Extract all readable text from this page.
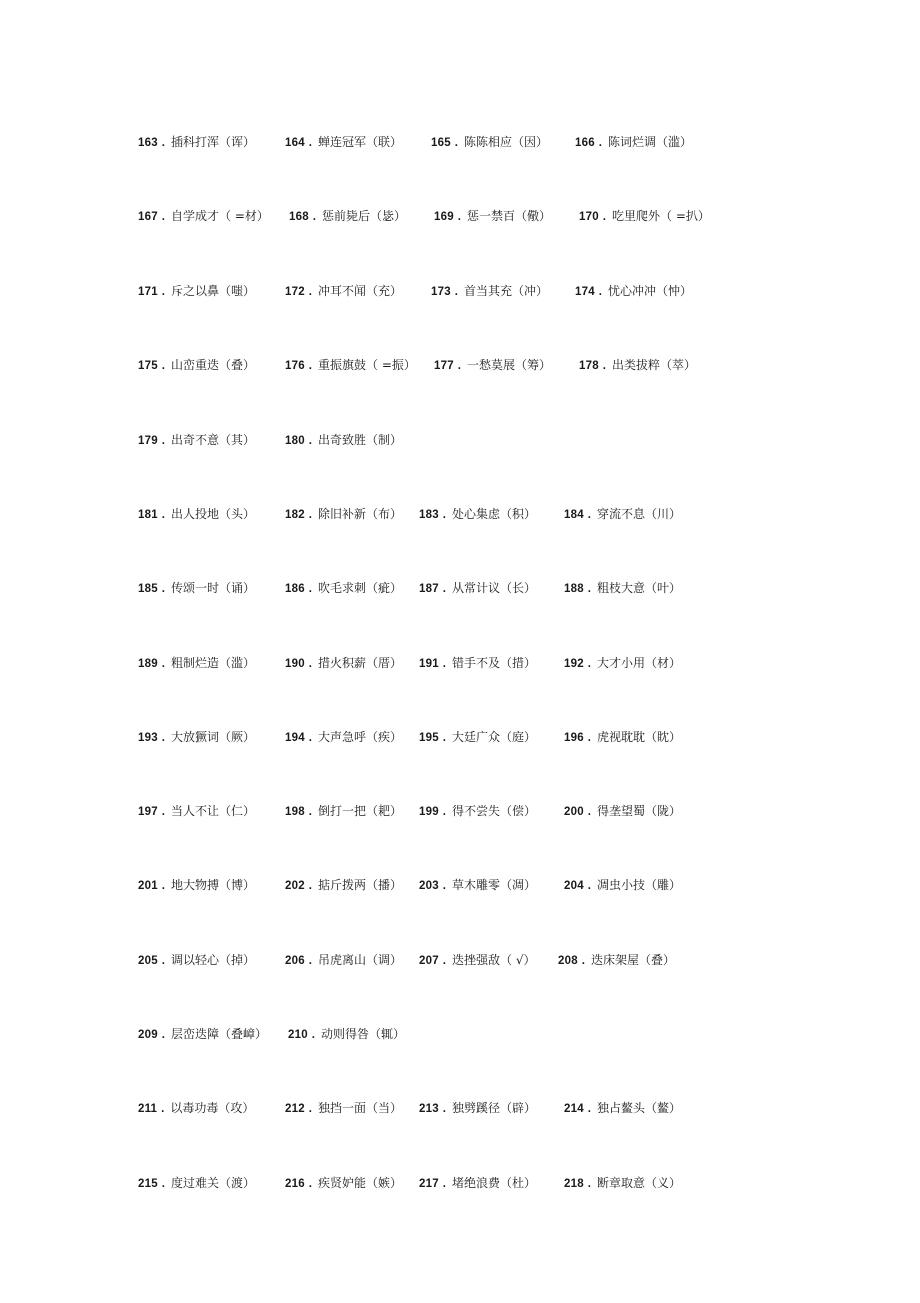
163 . 插科打浑（诨）	164 . 蝉连冠军（联）	165 . 陈陈相应（因） 166 . 陈词烂调（滥）
167 . 自学成才（ =材） 168 . 惩前毙后（毖） 169 . 惩一禁百（儆） 170 . 吃里爬外（ =扒）
171 . 斥之以鼻（嗤）	172 . 冲耳不闻（充）	173 . 首当其充（冲） 174 . 忧心冲冲（忡）
175 . 山峦重迭（叠）	176 . 重振旗鼓（ =振） 177 . 一愁莫展（筹） 178 . 出类拔粹（萃）
179 . 出奇不意（其）	180 . 出奇致胜（制）
181 . 出人投地（头）	182 . 除旧补新（布） 183 . 处心集虑（积） 184 . 穿流不息（川）
185 . 传颂一时（诵）	186 . 吹毛求刺（疵） 187 . 从常计议（长） 188 . 粗枝大意（叶）
189 . 粗制烂造（滥）	190 . 措火积薪（厝） 191 . 错手不及（措） 192 . 大才小用（材）
193 . 大放獗词（厥）	194 . 大声急呼（疾） 195 . 大廷广众（庭） 196 . 虎视耽耽（眈）
197 . 当人不让（仁）	198 . 倒打一把（耙） 199 . 得不尝失（偿） 200 . 得垄望蜀（陇）
201 . 地大物搏（博）	202 . 掂斤拨两（播） 203 . 草木雕零（凋） 204 . 凋虫小技（雕）
205 . 调以轻心（掉）	206 . 吊虎离山（调） 207 . 迭挫强敌（ √） 208 . 迭床架屋（叠）
209 . 层峦迭障（叠嶂） 210 . 动则得咎（辄）
211 . 以毒功毒（攻）	212 . 独挡一面（当） 213 . 独劈蹊径（辟） 214 . 独占鳌头（鳌）
215 . 度过难关（渡）	216 . 疾贤妒能（嫉） 217 . 堵绝浪费（杜） 218 . 断章取意（义）
